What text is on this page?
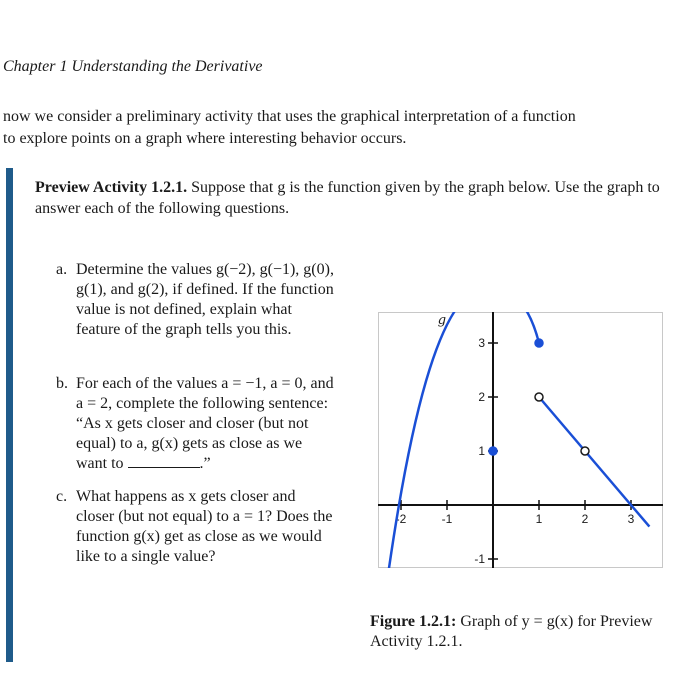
Chapter 1 Understanding the Derivative
now we consider a preliminary activity that uses the graphical interpretation of a function
to explore points on a graph where interesting behavior occurs.
Preview Activity 1.2.1. Suppose that g is the function given by the graph below. Use the graph to answer each of the following questions.
a. Determine the values g(−2), g(−1), g(0), g(1), and g(2), if defined. If the function value is not defined, explain what feature of the graph tells you this.
b. For each of the values a = −1, a = 0, and a = 2, complete the following sentence: “As x gets closer and closer (but not equal) to a, g(x) gets as close as we want to	.”
c. What happens as x gets closer and closer (but not equal) to a = 1? Does the function g(x) get as close as we would like to a single value?
-2	-1	1	2	3
-1
1
2
3
g
Figure 1.2.1: Graph of y = g(x) for Preview Activity 1.2.1.
